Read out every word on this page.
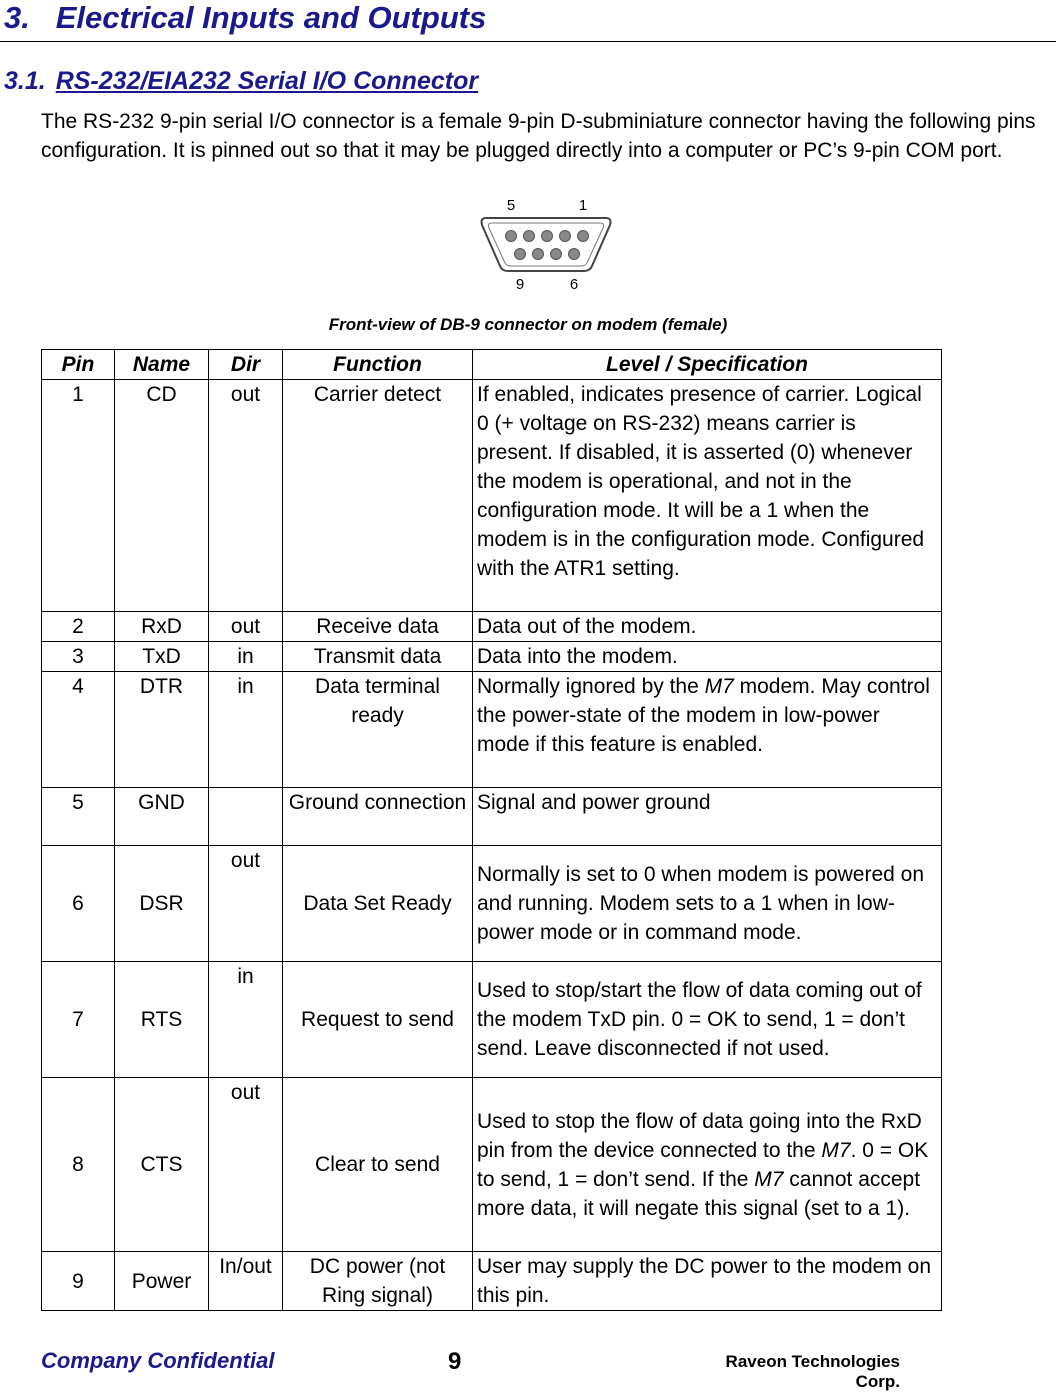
3. Electrical Inputs and Outputs
3.1. RS-232/EIA232 Serial I/O Connector
The RS-232 9-pin serial I/O connector is a female 9-pin D-subminiature connector having the following pins configuration. It is pinned out so that it may be plugged directly into a computer or PC’s 9-pin COM port.
5	1
9	6
Front-view of DB-9 connector on modem (female)
Pin	Name	Dir	Function	Level / Specification
1	CD	out	Carrier detect	If enabled, indicates presence of carrier. Logical 0 (+ voltage on RS-232) means carrier is present. If disabled, it is asserted (0) whenever the modem is operational, and not in the configuration mode. It will be a 1 when the modem is in the configuration mode. Configured with the ATR1 setting.
2	RxD	out	Receive data	Data out of the modem.
3	TxD	in	Transmit data	Data into the modem.
4	DTR	in	Data terminal ready	Normally ignored by the M7 modem. May control the power-state of the modem in low-power mode if this feature is enabled.
5	GND		Ground connection	Signal and power ground
6	DSR	out	Data Set Ready	Normally is set to 0 when modem is powered on and running. Modem sets to a 1 when in low-power mode or in command mode.
7	RTS	in	Request to send	Used to stop/start the flow of data coming out of the modem TxD pin. 0 = OK to send, 1 = don’t send. Leave disconnected if not used.
8	CTS	out	Clear to send	Used to stop the flow of data going into the RxD pin from the device connected to the M7. 0 = OK to send, 1 = don’t send. If the M7 cannot accept more data, it will negate this signal (set to a 1).
9	Power	In/out	DC power (not Ring signal)	User may supply the DC power to the modem on this pin.
Company Confidential	9	Raveon Technologies Corp.
